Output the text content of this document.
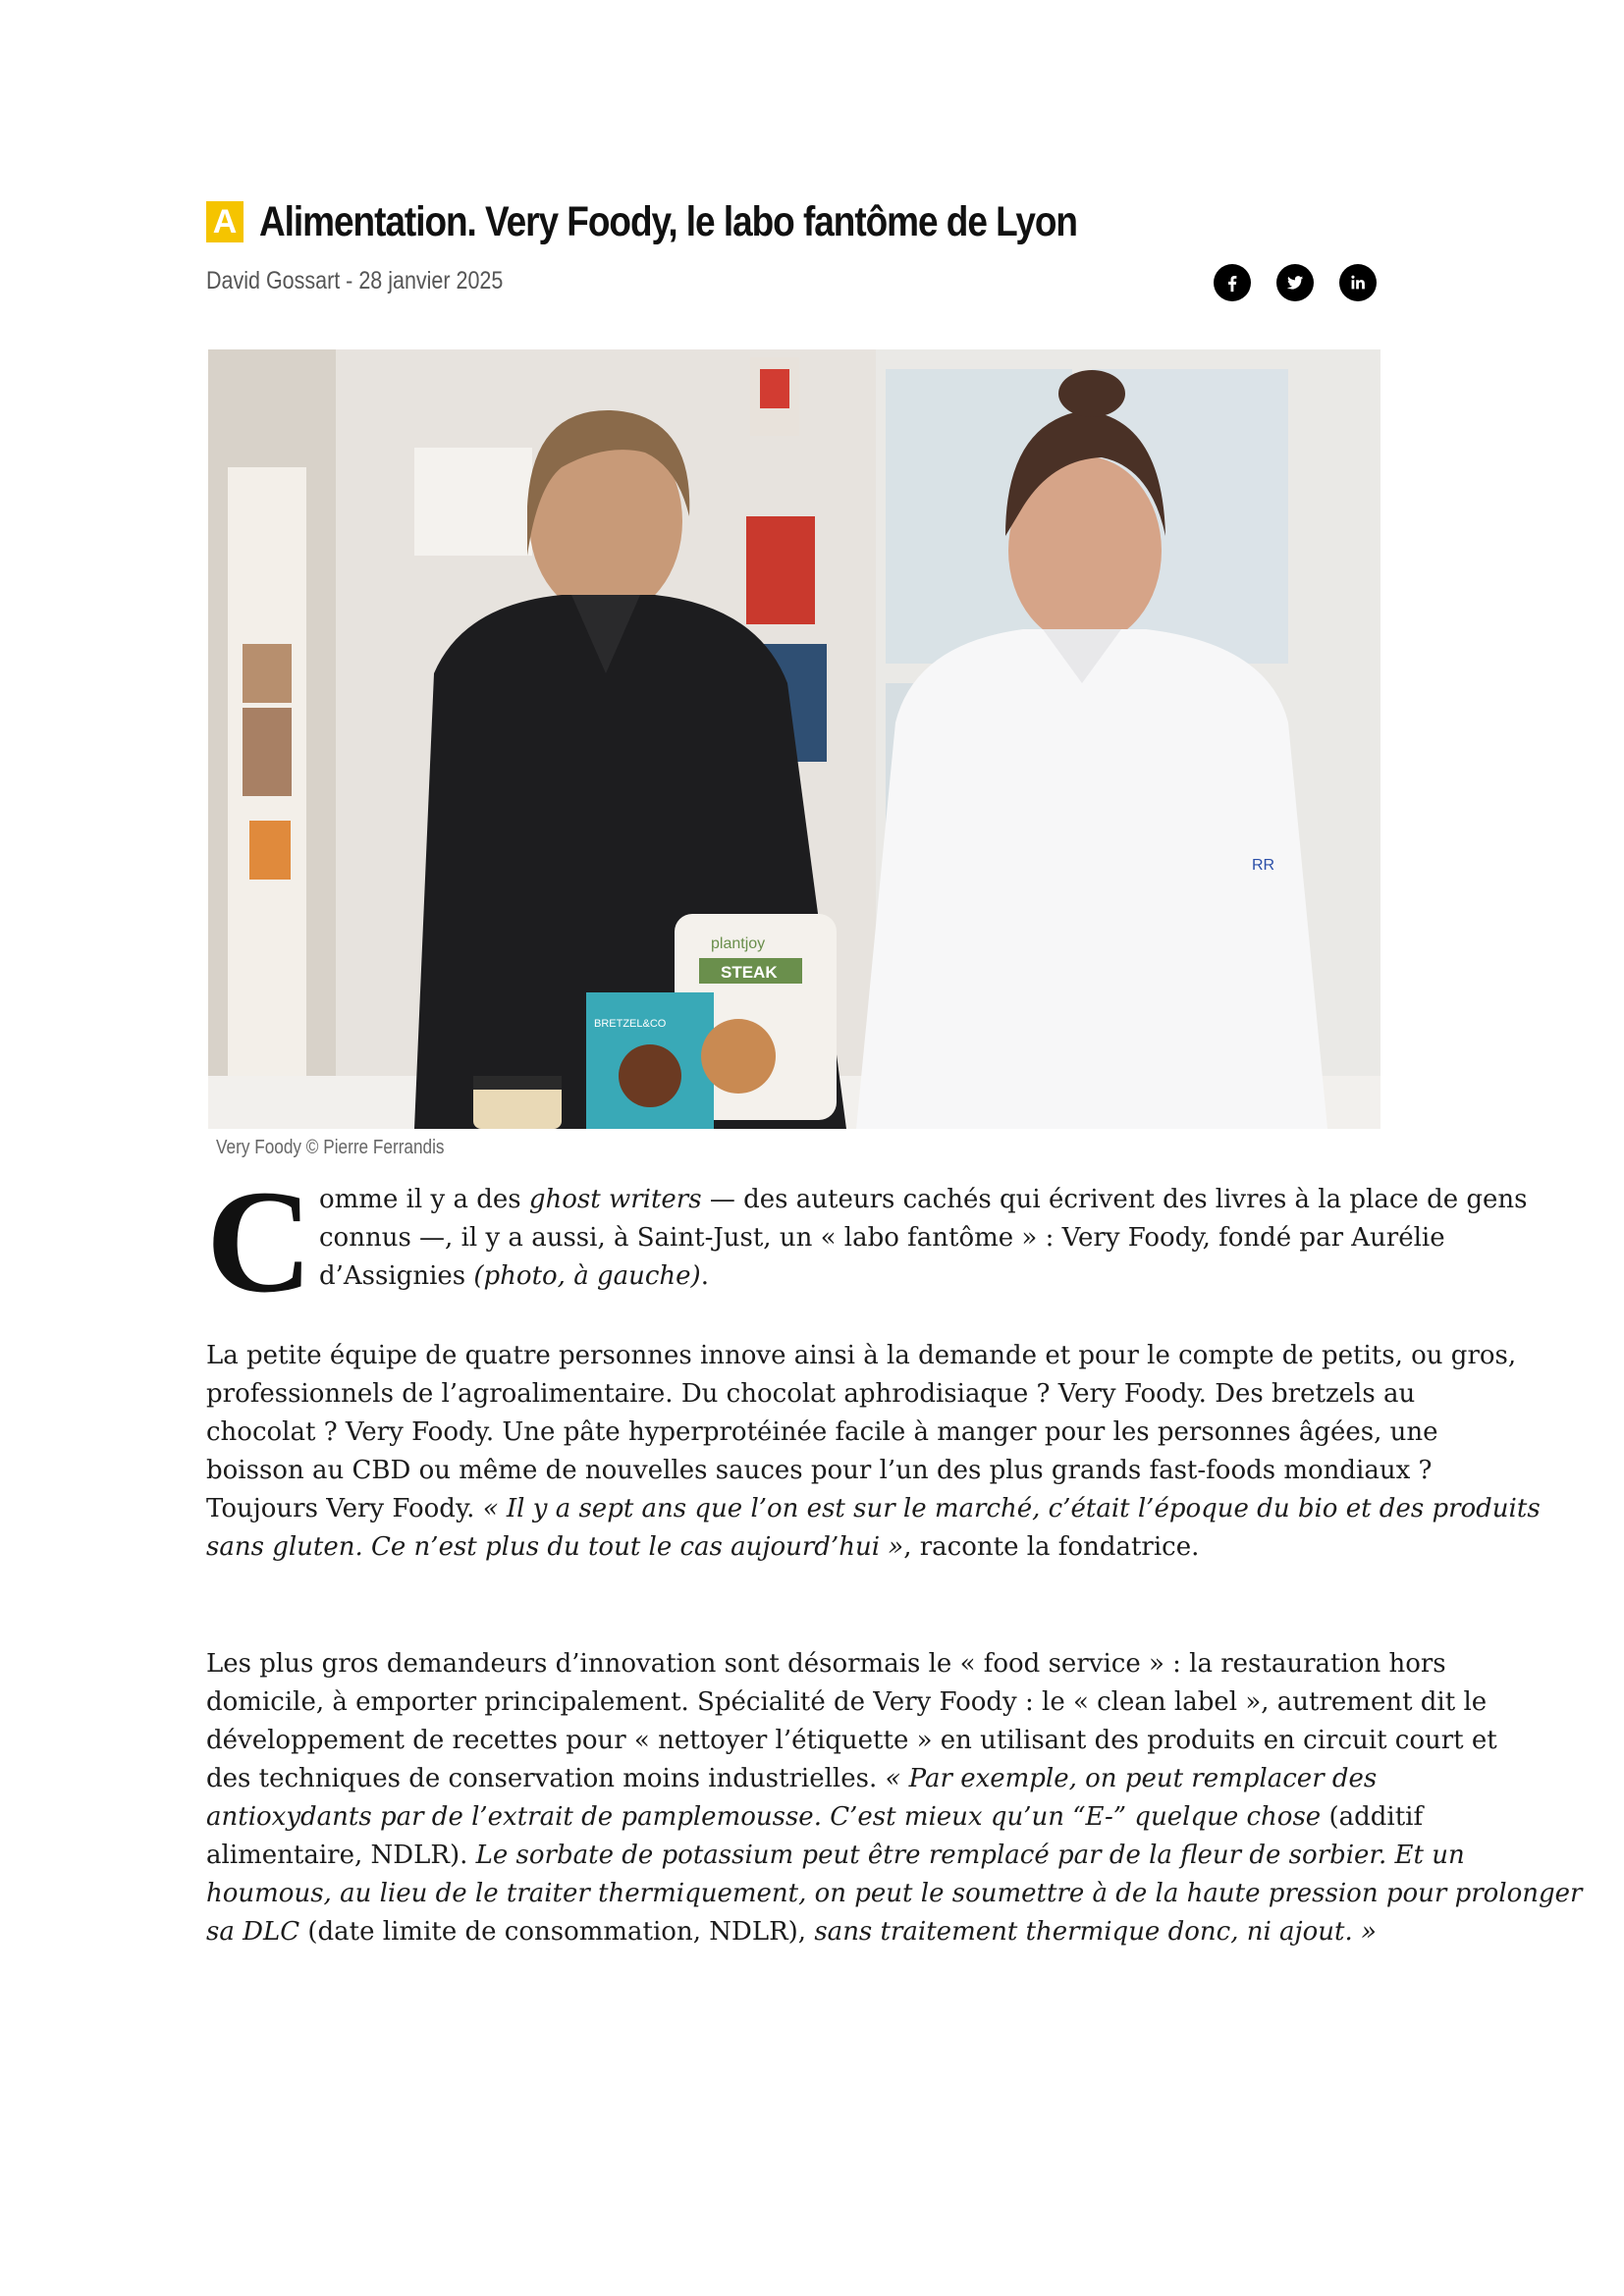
A Alimentation. Very Foody, le labo fantôme de Lyon
David Gossart - 28 janvier 2025
RR
plantjoy
STEAK
BRETZEL&CO
Very Foody © Pierre Ferrandis
C omme il y a des ghost writers — des auteurs cachés qui écrivent des livres à la place de gens
connus —, il y a aussi, à Saint-Just, un « labo fantôme » : Very Foody, fondé par Aurélie
d’Assignies (photo, à gauche).
La petite équipe de quatre personnes innove ainsi à la demande et pour le compte de petits, ou gros,
professionnels de l’agroalimentaire. Du chocolat aphrodisiaque ? Very Foody. Des bretzels au
chocolat ? Very Foody. Une pâte hyperprotéinée facile à manger pour les personnes âgées, une
boisson au CBD ou même de nouvelles sauces pour l’un des plus grands fast-foods mondiaux ?
Toujours Very Foody. « Il y a sept ans que l’on est sur le marché, c’était l’époque du bio et des produits
sans gluten. Ce n’est plus du tout le cas aujourd’hui », raconte la fondatrice.
Les plus gros demandeurs d’innovation sont désormais le « food service » : la restauration hors
domicile, à emporter principalement. Spécialité de Very Foody : le « clean label », autrement dit le
développement de recettes pour « nettoyer l’étiquette » en utilisant des produits en circuit court et
des techniques de conservation moins industrielles. « Par exemple, on peut remplacer des
antioxydants par de l’extrait de pamplemousse. C’est mieux qu’un “E-” quelque chose (additif
alimentaire, NDLR). Le sorbate de potassium peut être remplacé par de la fleur de sorbier. Et un
houmous, au lieu de le traiter thermiquement, on peut le soumettre à de la haute pression pour prolonger
sa DLC (date limite de consommation, NDLR), sans traitement thermique donc, ni ajout. »
